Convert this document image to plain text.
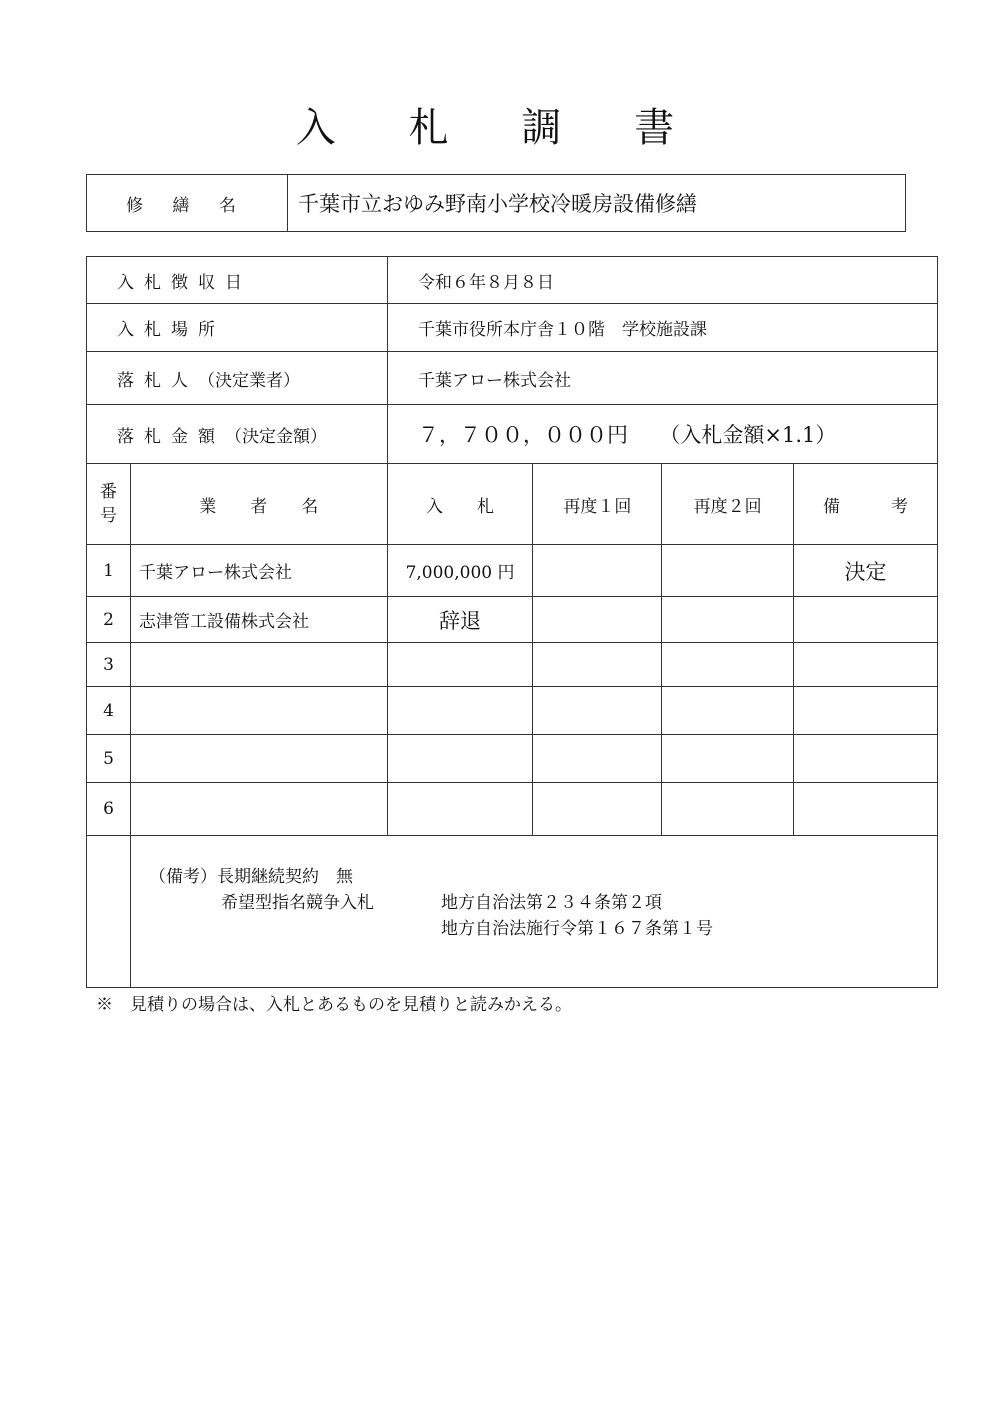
入 札 調 書
修 繕 名	千葉市立おゆみ野南小学校冷暖房設備修繕
入札徴収日	令和６年８月８日
入札場所	千葉市役所本庁舎１０階　学校施設課
落札人（決定業者）	千葉アロー株式会社
落札金額（決定金額）	７，７００，０００円 （入札金額×1.1）
番号	業　　者　　名	入　　札	再度１回	再度２回	備　　　考
1	千葉アロー株式会社	7,000,000 円			決定
2	志津管工設備株式会社	辞退			
3					
4					
5					
6					

	（備考）長期継続契約　無
希望型指名競争入札 地方自治法第２３４条第２項
地方自治法施行令第１６７条第１号				
※　見積りの場合は、入札とあるものを見積りと読みかえる。
